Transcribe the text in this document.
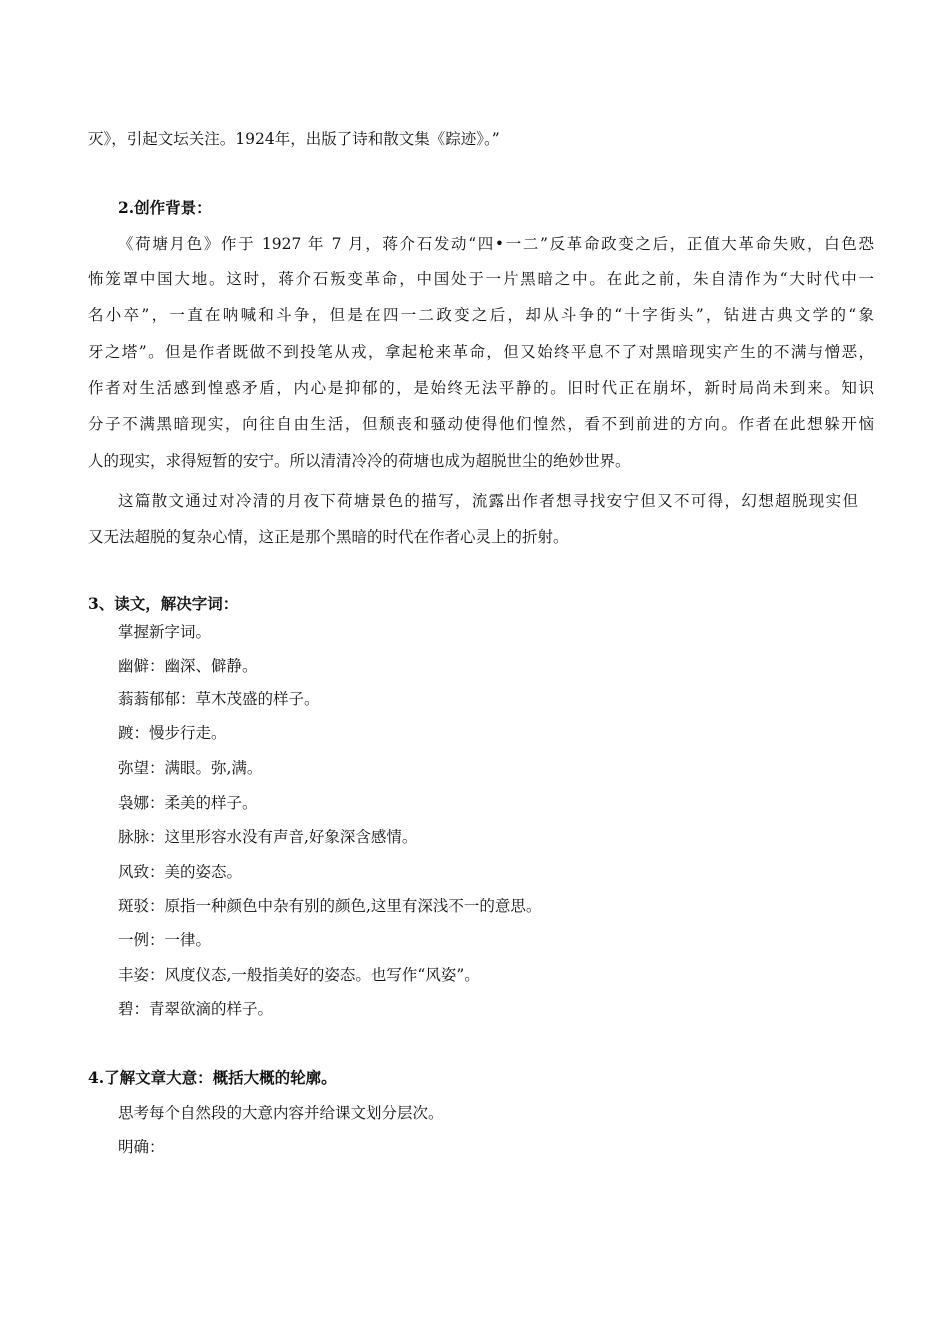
灭》，引起文坛关注。1924年，出版了诗和散文集《踪迹》。”
2.创作背景：
《荷塘月色》作于 1927 年 7 月，蒋介石发动“四•一二”反革命政变之后，正值大革命失败，白色恐
怖笼罩中国大地。这时，蒋介石叛变革命，中国处于一片黑暗之中。在此之前，朱自清作为“大时代中一
名小卒”，一直在呐喊和斗争，但是在四一二政变之后，却从斗争的“十字街头”，钻进古典文学的“象
牙之塔”。但是作者既做不到投笔从戎，拿起枪来革命，但又始终平息不了对黑暗现实产生的不满与憎恶，
作者对生活感到惶惑矛盾，内心是抑郁的，是始终无法平静的。旧时代正在崩坏，新时局尚未到来。知识
分子不满黑暗现实，向往自由生活，但颓丧和骚动使得他们惶然，看不到前进的方向。作者在此想躲开恼
人的现实，求得短暂的安宁。所以清清冷冷的荷塘也成为超脱世尘的绝妙世界。
这篇散文通过对冷清的月夜下荷塘景色的描写，流露出作者想寻找安宁但又不可得，幻想超脱现实但
又无法超脱的复杂心情，这正是那个黑暗的时代在作者心灵上的折射。
3、读文，解决字词：
掌握新字词。
幽僻：幽深、僻静。
蓊蓊郁郁：草木茂盛的样子。
踱：慢步行走。
弥望：满眼。弥,满。
袅娜：柔美的样子。
脉脉：这里形容水没有声音,好象深含感情。
风致：美的姿态。
斑驳：原指一种颜色中杂有别的颜色,这里有深浅不一的意思。
一例：一律。
丰姿：风度仪态,一般指美好的姿态。也写作“风姿”。
碧：青翠欲滴的样子。
4.了解文章大意：概括大概的轮廓。
思考每个自然段的大意内容并给课文划分层次。
明确：
